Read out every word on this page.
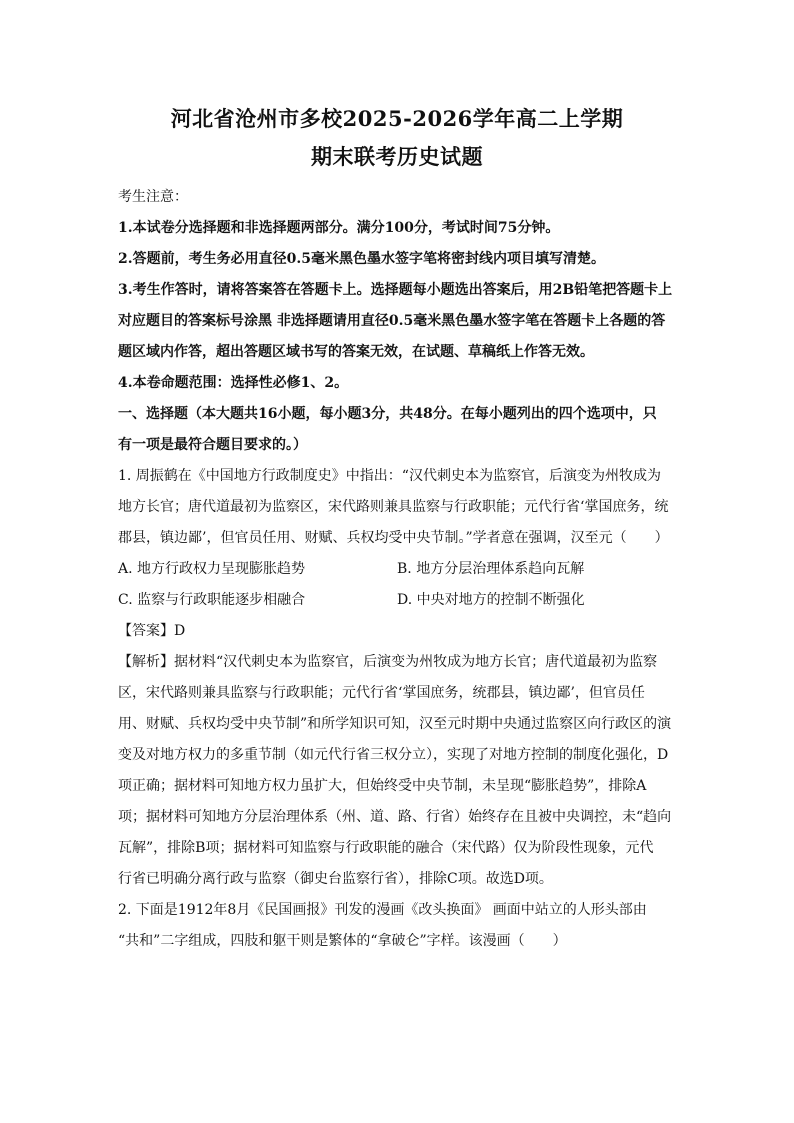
河北省沧州市多校2025-2026学年高二上学期
期末联考历史试题

考生注意：

1.本试卷分选择题和非选择题两部分。满分100分，考试时间75分钟。

2.答题前，考生务必用直径0.5毫米黑色墨水签字笔将密封线内项目填写清楚。

3.考生作答时，请将答案答在答题卡上。选择题每小题选出答案后，用2B铅笔把答题卡上

对应题目的答案标号涂黑 非选择题请用直径0.5毫米黑色墨水签字笔在答题卡上各题的答

题区域内作答，超出答题区域书写的答案无效，在试题、草稿纸上作答无效。

4.本卷命题范围：选择性必修1、2。

一、选择题（本大题共16小题，每小题3分，共48分。在每小题列出的四个选项中，只

有一项是最符合题目要求的。）

1. 周振鹤在《中国地方行政制度史》中指出：“汉代刺史本为监察官，后演变为州牧成为

地方长官；唐代道最初为监察区，宋代路则兼具监察与行政职能；元代行省‘掌国庶务，统

郡县，镇边鄙’，但官员任用、财赋、兵权均受中央节制。”学者意在强调，汉至元（　　）

A. 地方行政权力呈现膨胀趋势	B. 地方分层治理体系趋向瓦解
C. 监察与行政职能逐步相融合	D. 中央对地方的控制不断强化

【答案】D

【解析】据材料“汉代刺史本为监察官，后演变为州牧成为地方长官；唐代道最初为监察

区，宋代路则兼具监察与行政职能；元代行省‘掌国庶务，统郡县，镇边鄙’，但官员任

用、财赋、兵权均受中央节制”和所学知识可知，汉至元时期中央通过监察区向行政区的演

变及对地方权力的多重节制（如元代行省三权分立），实现了对地方控制的制度化强化，D

项正确；据材料可知地方权力虽扩大，但始终受中央节制，未呈现“膨胀趋势”，排除A

项；据材料可知地方分层治理体系（州、道、路、行省）始终存在且被中央调控，未“趋向

瓦解”，排除B项；据材料可知监察与行政职能的融合（宋代路）仅为阶段性现象，元代

行省已明确分离行政与监察（御史台监察行省），排除C项。故选D项。

2. 下面是1912年8月《民国画报》刊发的漫画《改头换面》 画面中站立的人形头部由

“共和”二字组成，四肢和躯干则是繁体的“拿破仑”字样。该漫画（　　）
